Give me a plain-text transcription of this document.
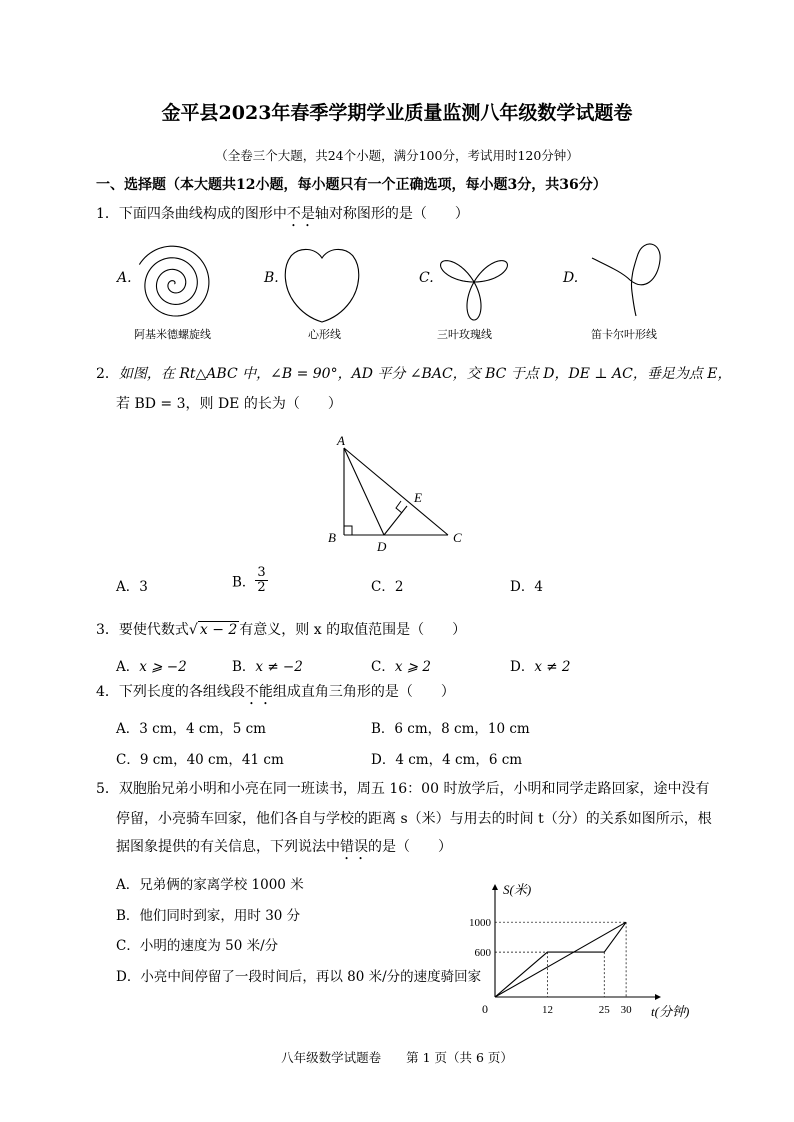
金平县2023年春季学期学业质量监测八年级数学试题卷
（全卷三个大题，共24个小题，满分100分，考试用时120分钟）
一、选择题（本大题共12小题，每小题只有一个正确选项，每小题3分，共36分）
1．下面四条曲线构成的图形中不是轴对称图形的是（　　）
A.
阿基米德螺旋线
B.
心形线
C.
三叶玫瑰线
D.
笛卡尔叶形线
2．如图，在 Rt△ABC 中，∠B = 90°，AD 平分 ∠BAC，交 BC 于点 D，DE ⊥ AC，垂足为点 E，
若 BD = 3，则 DE 的长为（　　）
A
B	C
D
E
A．3	B． $\frac{3}{2}$	C．2	D．4
3．要使代数式√ x − 2 有意义，则 x 的取值范围是（　　）
A．x ⩾ −2	B．x ≠ −2	C．x ⩾ 2	D．x ≠ 2
4．下列长度的各组线段不能组成直角三角形的是（　　）
A．3 cm，4 cm，5 cm	B．6 cm，8 cm，10 cm
C．9 cm，40 cm，41 cm	D．4 cm，4 cm，6 cm
5．双胞胎兄弟小明和小亮在同一班读书，周五 16：00 时放学后，小明和同学走路回家，途中没有
停留，小亮骑车回家，他们各自与学校的距离 s（米）与用去的时间 t（分）的关系如图所示，根
据图象提供的有关信息，下列说法中错误的是（　　）
A．兄弟俩的家离学校 1000 米
B．他们同时到家，用时 30 分
C．小明的速度为 50 米/分
D．小亮中间停留了一段时间后，再以 80 米/分的速度骑回家
600
1000
12	25 30
S(米)
t(分钟)
0
八年级数学试题卷　　第 1 页（共 6 页）
